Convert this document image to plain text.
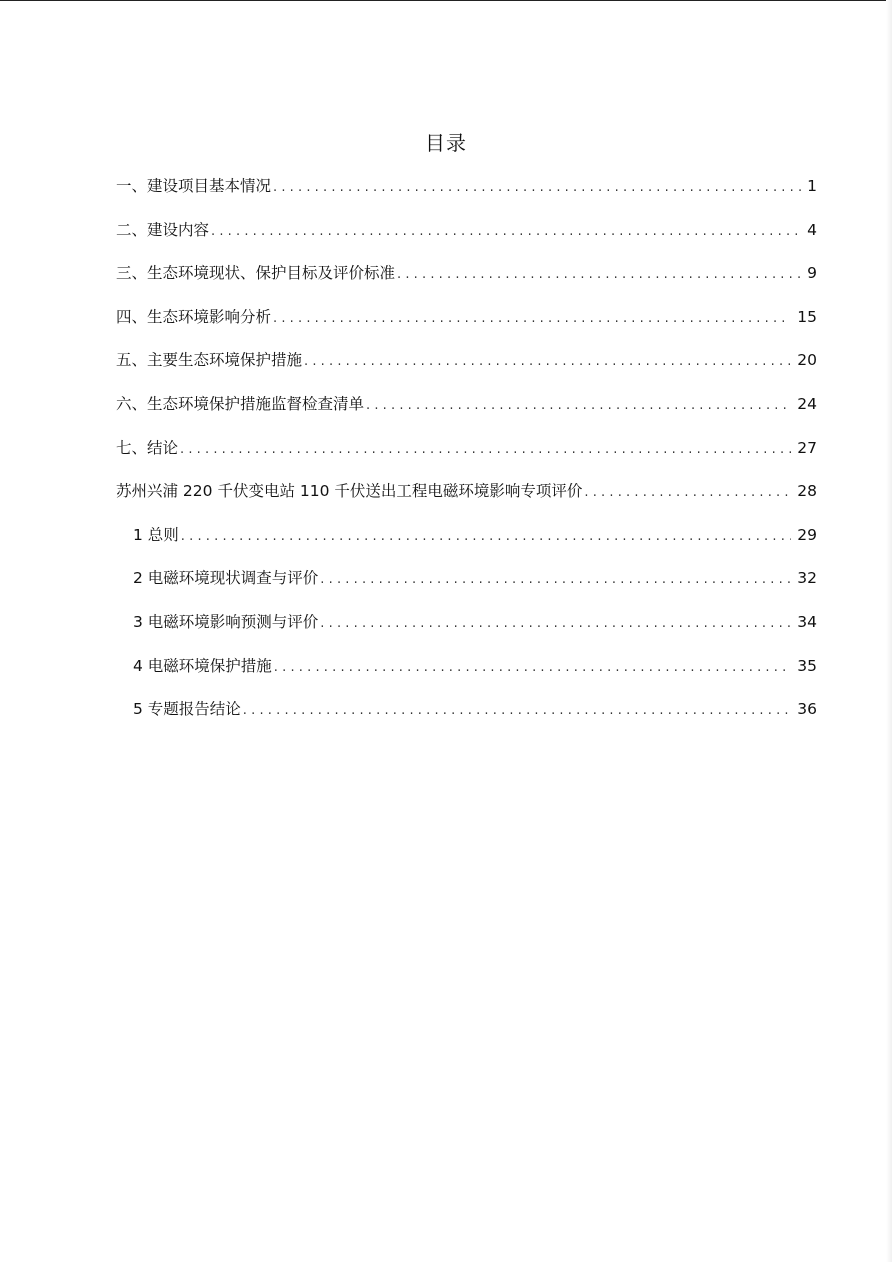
目录
一、建设项目基本情况 .....	1
二、建设内容 .....	4
三、生态环境现状、保护目标及评价标准 .....	9
四、生态环境影响分析 .....	15
五、主要生态环境保护措施 .....	20
六、生态环境保护措施监督检查清单 .....	24
七、结论 .....	27
苏州兴浦 220 千伏变电站 110 千伏送出工程电磁环境影响专项评价 .....	28
1 总则 .....	29
2 电磁环境现状调查与评价 .....	32
3 电磁环境影响预测与评价 .....	34
4 电磁环境保护措施 .....	35
5 专题报告结论 .....	36
